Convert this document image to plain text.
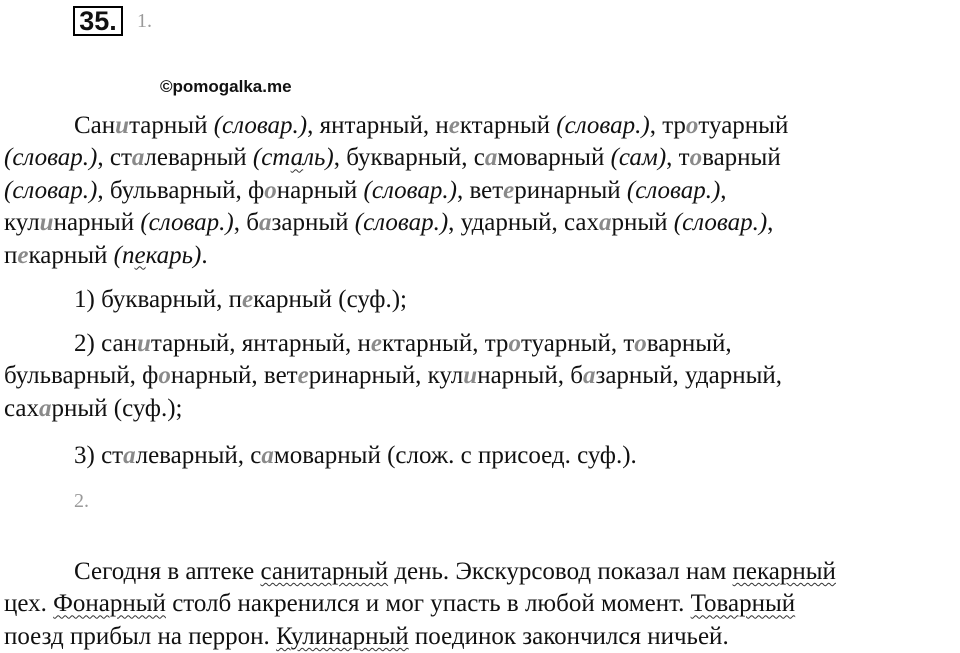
35.	1.
©pomogalka.me

Санитарный (словар.), янтарный, нектарный (словар.), тротуарный

(словар.), сталеварный (сталь), букварный, самоварный (сам), товарный

(словар.), бульварный, фонарный (словар.), ветеринарный (словар.),

кулинарный (словар.), базарный (словар.), ударный, сахарный (словар.),

пекарный (пекарь).

1) букварный, пекарный (суф.);

2) санитарный, янтарный, нектарный, тротуарный, товарный,

бульварный, фонарный, ветеринарный, кулинарный, базарный, ударный,

сахарный (суф.);

3) сталеварный, самоварный (слож. с присоед. суф.).

2.

Сегодня в аптеке санитарный день. Экскурсовод показал нам пекарный

цех. Фонарный столб накренился и мог упасть в любой момент. Товарный

поезд прибыл на перрон. Кулинарный поединок закончился ничьей.
